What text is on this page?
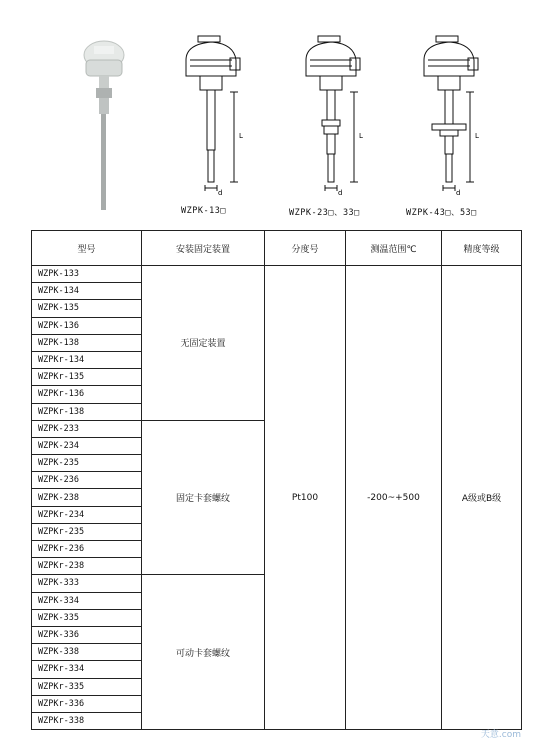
L
d
L
d
L
d
WZPK-13□	WZPK-23□、33□	WZPK-43□、53□
型号	安装固定装置	分度号	测温范围℃	精度等级
WZPK-133	无固定装置	Pt100	-200~+500	A级或B级
WZPK-134				
WZPK-135				
WZPK-136				
WZPK-138				
WZPKr-134				
WZPKr-135				
WZPKr-136				
WZPKr-138				
WZPK-233	固定卡套螺纹			
WZPK-234				
WZPK-235				
WZPK-236				
WZPK-238				
WZPKr-234				
WZPKr-235				
WZPKr-236				
WZPKr-238				
WZPK-333	可动卡套螺纹			
WZPK-334				
WZPK-335				
WZPK-336				
WZPK-338				
WZPKr-334				
WZPKr-335				
WZPKr-336				
WZPKr-338				
天意.com
